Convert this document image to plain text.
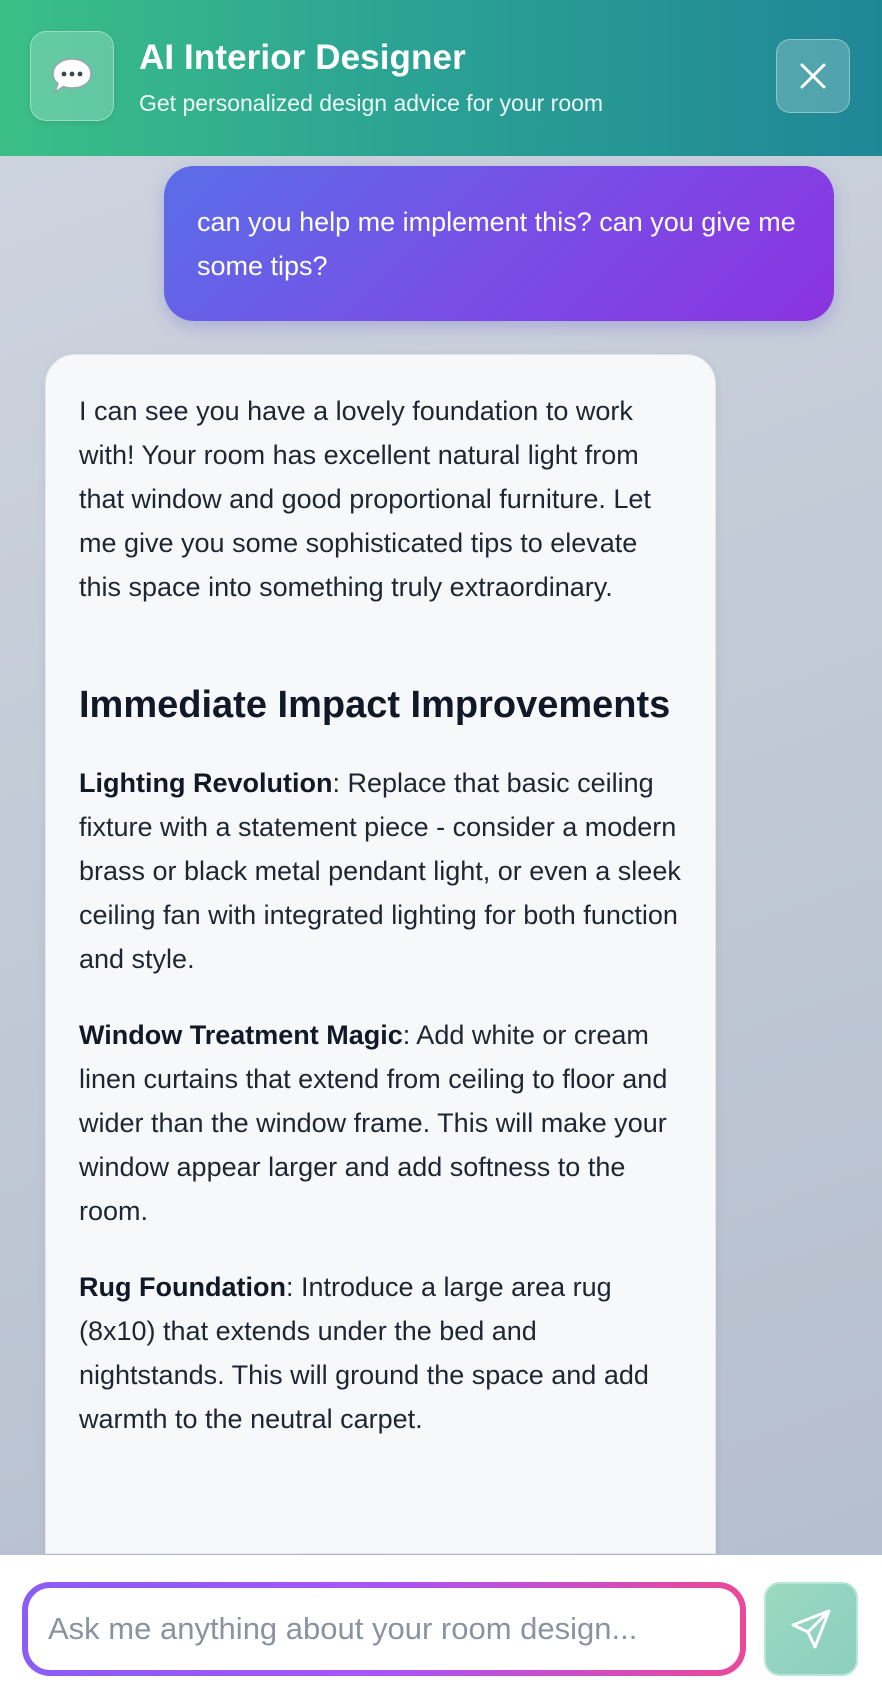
AI Interior Designer
Get personalized design advice for your room
can you help me implement this? can you give me some tips?

I can see you have a lovely foundation to work with! Your room has excellent natural light from that window and good proportional furniture. Let me give you some sophisticated tips to elevate this space into something truly extraordinary.

Immediate Impact Improvements

Lighting Revolution: Replace that basic ceiling fixture with a statement piece - consider a modern brass or black metal pendant light, or even a sleek ceiling fan with integrated lighting for both function and style.

Window Treatment Magic: Add white or cream linen curtains that extend from ceiling to floor and wider than the window frame. This will make your window appear larger and add softness to the room.

Rug Foundation: Introduce a large area rug (8x10) that extends under the bed and nightstands. This will ground the space and add warmth to the neutral carpet.

Ask me anything about your room design...
